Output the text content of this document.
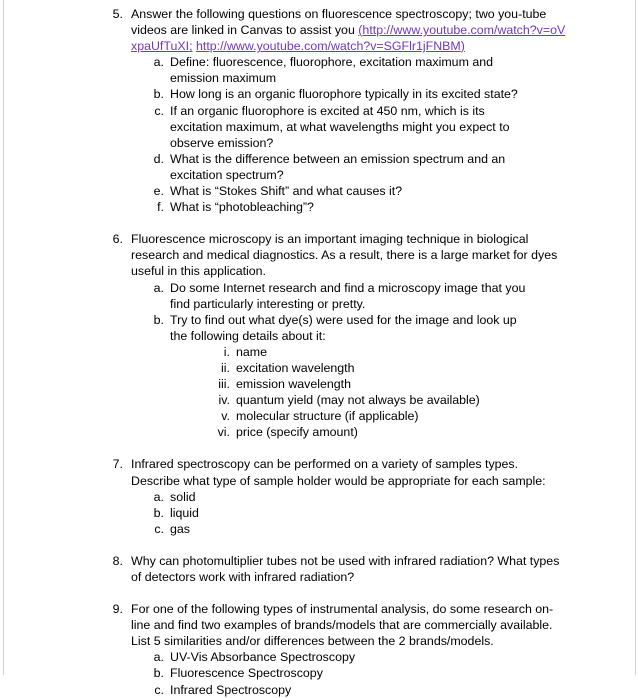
5. Answer the following questions on fluorescence spectroscopy; two you-tube videos are linked in Canvas to assist you (http://www.youtube.com/watch?v=oVxpaUfTuXI; http://www.youtube.com/watch?v=SGFlr1jFNBM)
a. Define: fluorescence, fluorophore, excitation maximum and emission maximum
b. How long is an organic fluorophore typically in its excited state?
c. If an organic fluorophore is excited at 450 nm, which is its excitation maximum, at what wavelengths might you expect to observe emission?
d. What is the difference between an emission spectrum and an excitation spectrum?
e. What is “Stokes Shift” and what causes it?
f. What is “photobleaching”?
6. Fluorescence microscopy is an important imaging technique in biological research and medical diagnostics. As a result, there is a large market for dyes useful in this application.
a. Do some Internet research and find a microscopy image that you find particularly interesting or pretty.
b. Try to find out what dye(s) were used for the image and look up the following details about it:
i. name
ii. excitation wavelength
iii. emission wavelength
iv. quantum yield (may not always be available)
v. molecular structure (if applicable)
vi. price (specify amount)
7. Infrared spectroscopy can be performed on a variety of samples types. Describe what type of sample holder would be appropriate for each sample:
a. solid
b. liquid
c. gas
8. Why can photomultiplier tubes not be used with infrared radiation? What types of detectors work with infrared radiation?
9. For one of the following types of instrumental analysis, do some research on-line and find two examples of brands/models that are commercially available. List 5 similarities and/or differences between the 2 brands/models.
a. UV-Vis Absorbance Spectroscopy
b. Fluorescence Spectroscopy
c. Infrared Spectroscopy
